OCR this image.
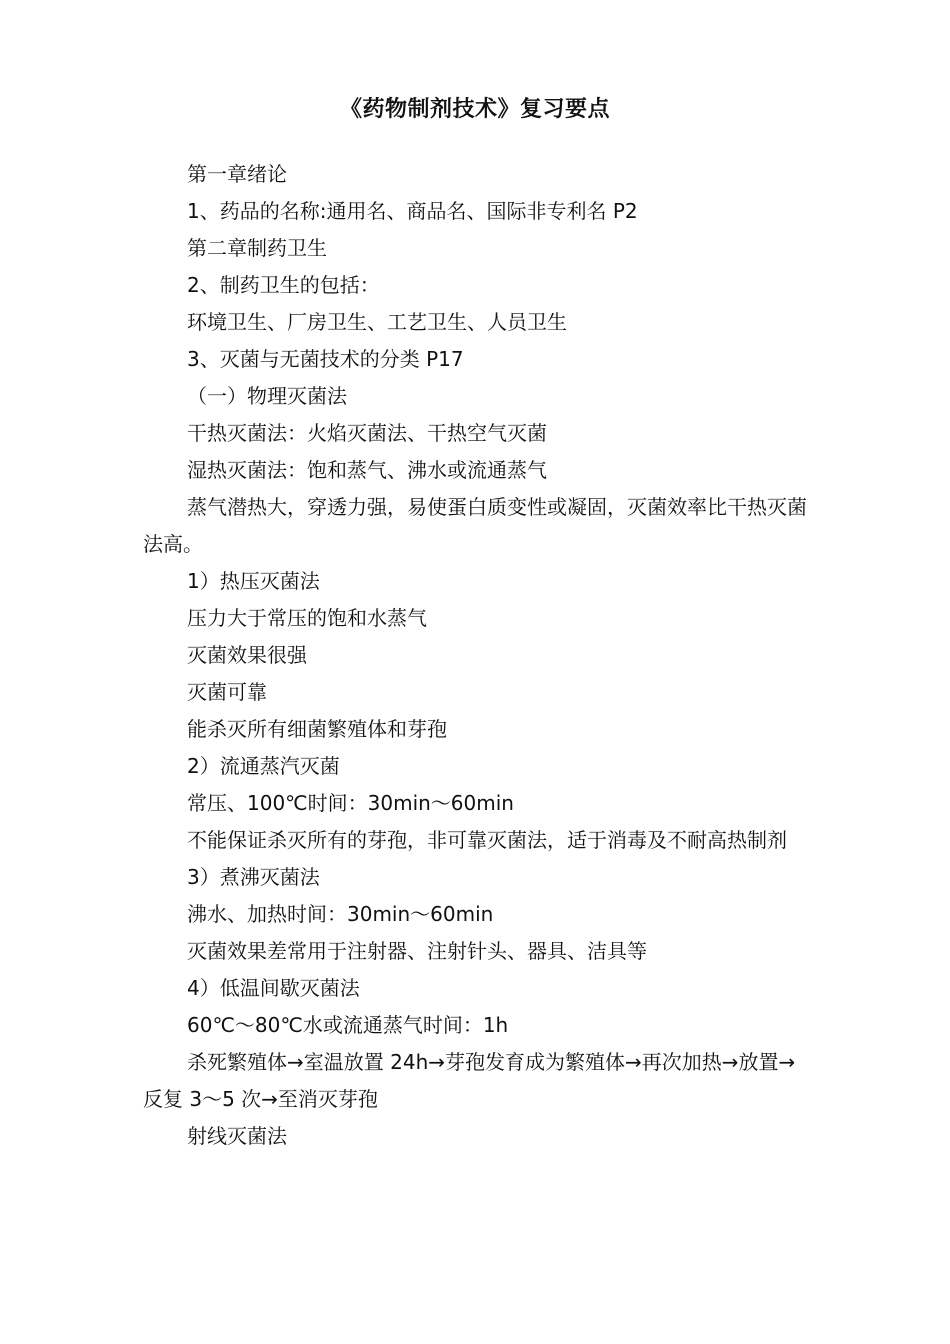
《药物制剂技术》复习要点

第一章绪论

1、药品的名称:通用名、商品名、国际非专利名 P2

第二章制药卫生

2、制药卫生的包括：

环境卫生、厂房卫生、工艺卫生、人员卫生

3、灭菌与无菌技术的分类 P17

（一）物理灭菌法

干热灭菌法：火焰灭菌法、干热空气灭菌

湿热灭菌法：饱和蒸气、沸水或流通蒸气

蒸气潜热大，穿透力强，易使蛋白质变性或凝固，灭菌效率比干热灭菌法高。

1）热压灭菌法

压力大于常压的饱和水蒸气

灭菌效果很强

灭菌可靠

能杀灭所有细菌繁殖体和芽孢

2）流通蒸汽灭菌

常压、100℃时间：30min～60min

不能保证杀灭所有的芽孢，非可靠灭菌法，适于消毒及不耐高热制剂

3）煮沸灭菌法

沸水、加热时间：30min～60min

灭菌效果差常用于注射器、注射针头、器具、洁具等

4）低温间歇灭菌法

60℃～80℃水或流通蒸气时间：1h

杀死繁殖体→室温放置 24h→芽孢发育成为繁殖体→再次加热→放置→反复 3～5 次→至消灭芽孢

射线灭菌法
